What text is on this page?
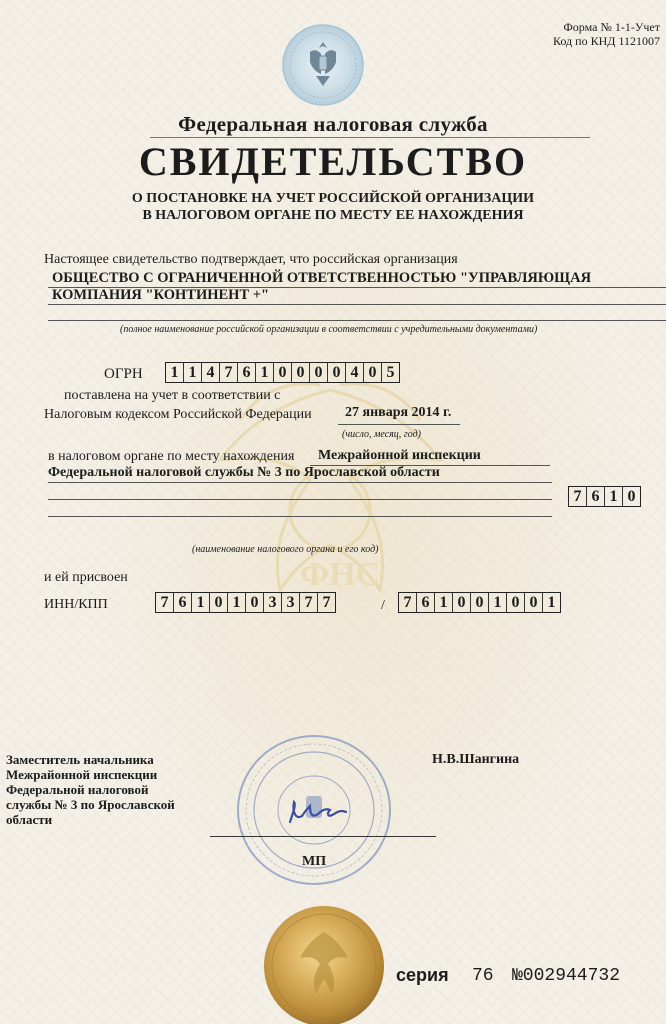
ФНС
Форма № 1-1-Учет
Код по КНД 1121007
Федеральная налоговая служба
СВИДЕТЕЛЬСТВО
О ПОСТАНОВКЕ НА УЧЕТ РОССИЙСКОЙ ОРГАНИЗАЦИИ
В НАЛОГОВОМ ОРГАНЕ ПО МЕСТУ ЕЕ НАХОЖДЕНИЯ
Настоящее свидетельство подтверждает, что российская организация
ОБЩЕСТВО С ОГРАНИЧЕННОЙ ОТВЕТСТВЕННОСТЬЮ "УПРАВЛЯЮЩАЯ
КОМПАНИЯ "КОНТИНЕНТ +"
(полное наименование российской организации в соответствии с учредительными документами)
ОГРН 1 1 4 7 6 1 0 0 0 0 4 0 5
поставлена на учет в соответствии с
Налоговым кодексом Российской Федерации 27 января 2014 г.
(число, месяц, год)
в налоговом органе по месту нахождения Межрайонной инспекции
Федеральной налоговой службы № 3 по Ярославской области
7 6 1 0
(наименование налогового органа и его код)
и ей присвоен
ИНН/КПП	7 6 1 0 1 0 3 3 7 7	/ 7 6 1 0 0 1 0 0 1
Заместитель начальника
Межрайонной инспекции
Федеральной налоговой
службы № 3 по Ярославской
области
Н.В.Шангина
МП
серия 76 №002944732
